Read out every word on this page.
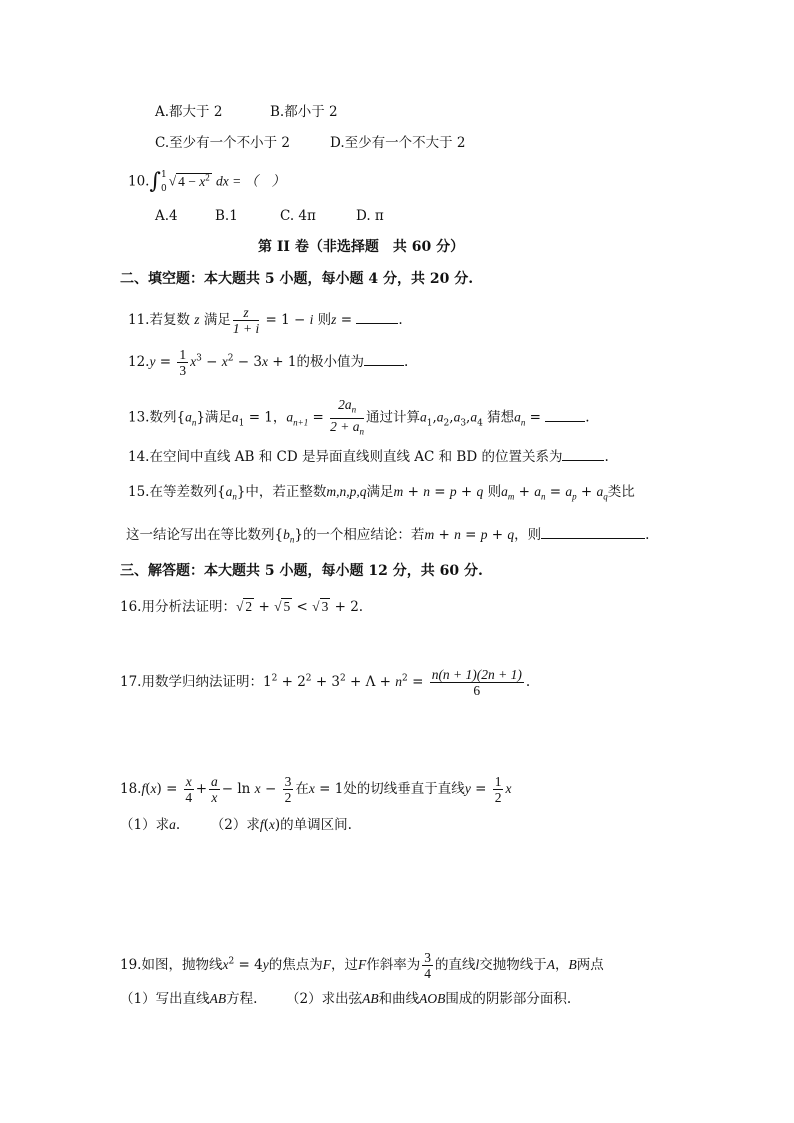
A.都大于 2	B.都小于 2
C.至少有一个不小于 2	D.至少有一个不大于 2
10.∫1
0√ $4 - x^2$ dx = （　）
A.4	B.1	C. 4π	D. π
第 II 卷（非选择题　共 60 分）
二、填空题：本大题共 5 小题，每小题 4 分，共 20 分.
11.若复数 z 满足 $\frac{z}{1 + i} = 1 - i$ 则z =	.
$12.y = \frac{1}{3} x^3 - x^2 - 3x + 1$的极小值为	.
13.数列$\{a_n\}$满足$a_1 = 1$，$a_{n+1} = \frac{2a_n}{2 + a_n}$ 通过计算$a_1,a_2,a_3,a_4$ 猜想$a_n$ =	.
14.在空间中直线 AB 和 CD 是异面直线则直线 AC 和 BD 的位置关系为	.
15.在等差数列$\{a_n\}$中，若正整数m,n,p,q满足m + n = p + q 则$a_m + a_n = a_p + a_q$类比
这一结论写出在等比数列$\{b_n\}$的一个相应结论：若m + n = p + q，则	.
三、解答题：本大题共 5 小题，每小题 12 分，共 60 分.
16.用分析法证明：√ 2 + √ 5 < √ 3 + 2.
17.用数学归纳法证明：$1^2 + 2^2 + 3^2 + \Lambda + n^2 = \frac{n(n + 1)(2n + 1)}{6}$ .
$18.f(x) = \frac{x}{4} + \frac{a}{x} - \ln x - \frac{3}{2}$ 在x = 1处的切线垂直于直线$y = \frac{1}{2}$ x
（1）求a. （2）求f(x)的单调区间.
19.如图，抛物线$x^2 = 4y$的焦点为F，过F作斜率为 $\frac{3}{4}$ 的直线l交抛物线于A，B两点
（1）写出直线AB方程. （2）求出弦AB和曲线AOB围成的阴影部分面积.
